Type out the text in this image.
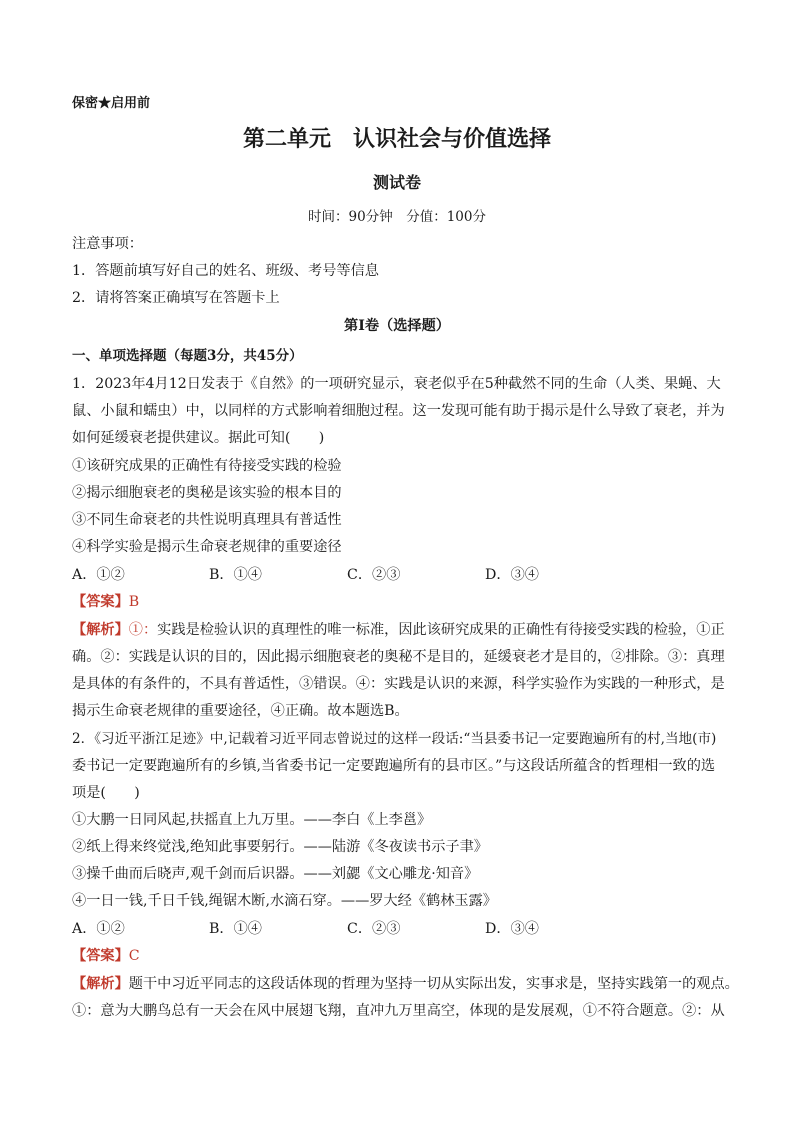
保密★启用前
第二单元　认识社会与价值选择
测试卷
时间：90分钟　分值：100分
注意事项：
1．答题前填写好自己的姓名、班级、考号等信息
2．请将答案正确填写在答题卡上
第Ⅰ卷（选择题）
一、单项选择题（每题3分，共45分）
1．2023年4月12日发表于《自然》的一项研究显示，衰老似乎在5种截然不同的生命（人类、果蝇、大
鼠、小鼠和蠕虫）中，以同样的方式影响着细胞过程。这一发现可能有助于揭示是什么导致了衰老，并为
如何延缓衰老提供建议。据此可知(　　)
①该研究成果的正确性有待接受实践的检验
②揭示细胞衰老的奥秘是该实验的根本目的
③不同生命衰老的共性说明真理具有普适性
④科学实验是揭示生命衰老规律的重要途径
A．①②	B．①④	C．②③	D．③④
【答案】B
【解析】①：实践是检验认识的真理性的唯一标准，因此该研究成果的正确性有待接受实践的检验，①正
确。②：实践是认识的目的，因此揭示细胞衰老的奥秘不是目的，延缓衰老才是目的，②排除。③：真理
是具体的有条件的，不具有普适性，③错误。④：实践是认识的来源，科学实验作为实践的一种形式，是
揭示生命衰老规律的重要途径，④正确。故本题选B。
2．《习近平浙江足迹》中,记载着习近平同志曾说过的这样一段话:“当县委书记一定要跑遍所有的村,当地(市)
委书记一定要跑遍所有的乡镇,当省委书记一定要跑遍所有的县市区。”与这段话所蕴含的哲理相一致的选
项是(　　)
①大鹏一日同风起,扶摇直上九万里。——李白《上李邕》
②纸上得来终觉浅,绝知此事要躬行。——陆游《冬夜读书示子聿》
③操千曲而后晓声,观千剑而后识器。——刘勰《文心雕龙·知音》
④一日一钱,千日千钱,绳锯木断,水滴石穿。——罗大经《鹤林玉露》
A．①②	B．①④	C．②③	D．③④
【答案】C
【解析】题干中习近平同志的这段话体现的哲理为坚持一切从实际出发，实事求是，坚持实践第一的观点。
①：意为大鹏鸟总有一天会在风中展翅飞翔，直冲九万里高空，体现的是发展观，①不符合题意。②：从
